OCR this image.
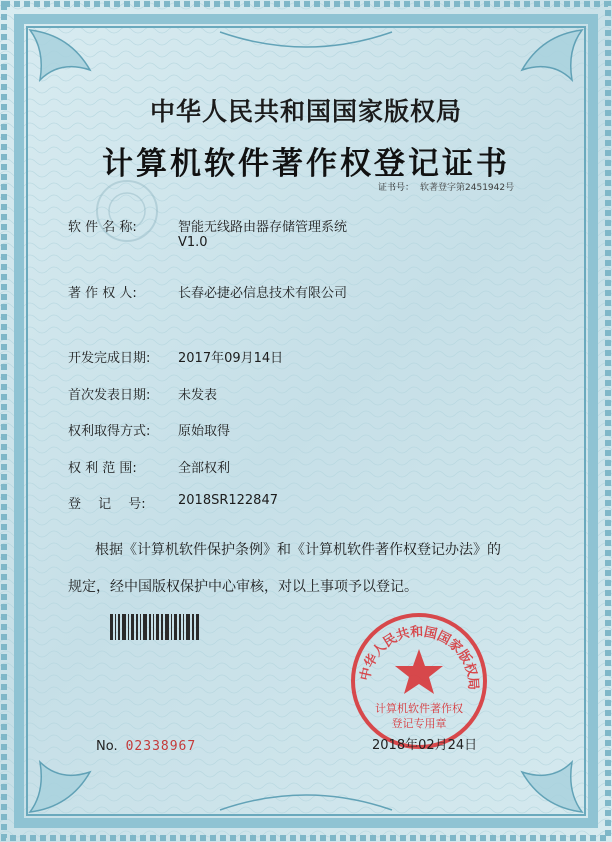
中华人民共和国国家版权局
计算机软件著作权登记证书
证书号： 软著登字第2451942号
软 件 名 称:	智能无线路由器存储管理系统
V1.0
著 作 权 人:	长春必捷必信息技术有限公司
开发完成日期:	2017年09月14日
首次发表日期:	未发表
权利取得方式:	原始取得
权 利 范 围:	全部权利
登　 记　 号:	2018SR122847
根据《计算机软件保护条例》和《计算机软件著作权登记办法》的
规定，经中国版权保护中心审核，对以上事项予以登记。
中华人民共和国国家版权局
计算机软件著作权
登记专用章
No. 02338967	2018年02月24日
